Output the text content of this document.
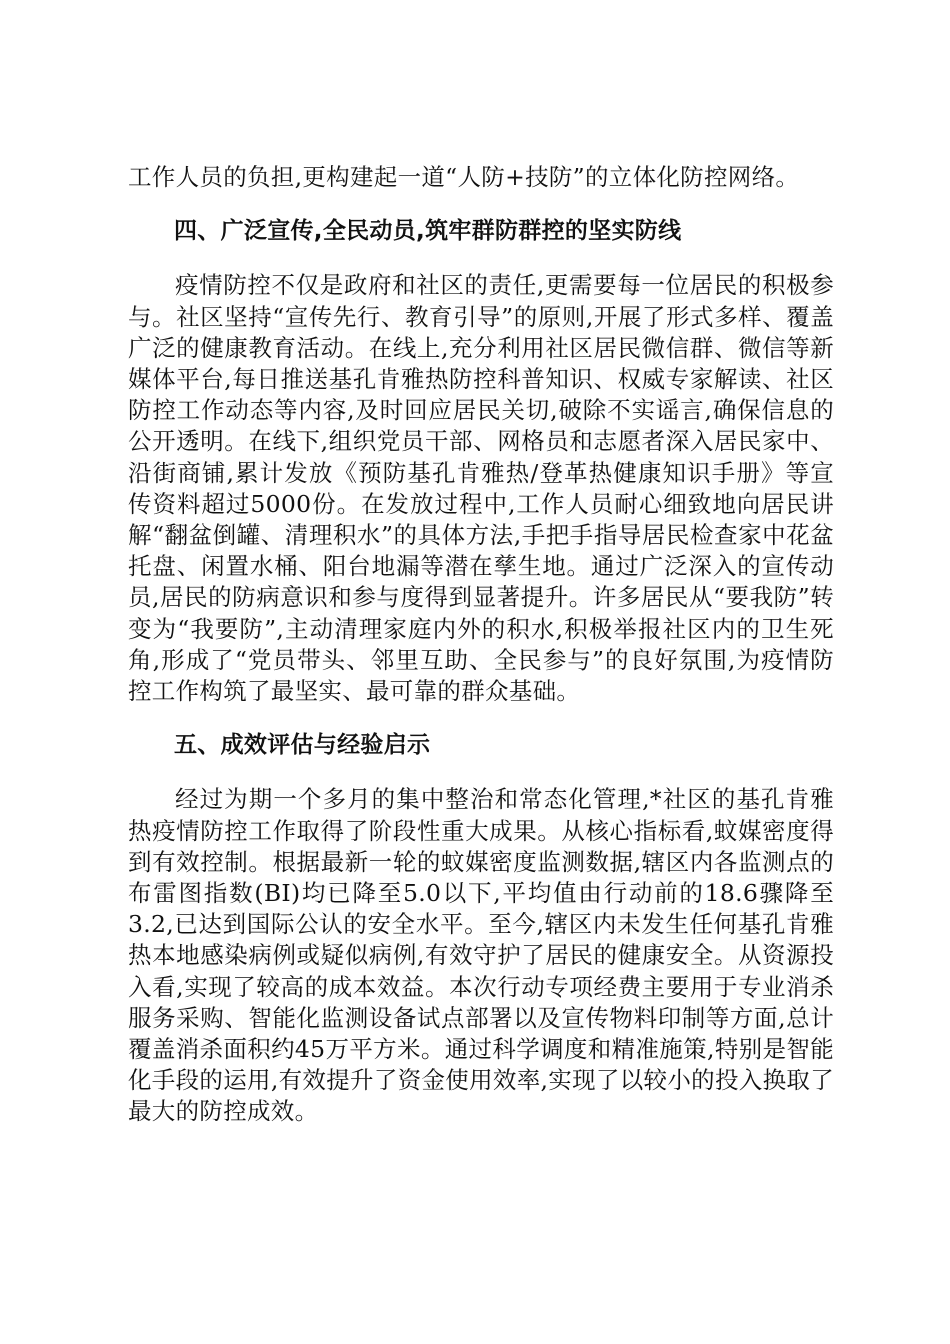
工作人员的负担,更构建起一道“人防+技防”的立体化防控网络。

四、广泛宣传,全民动员,筑牢群防群控的坚实防线

疫情防控不仅是政府和社区的责任,更需要每一位居民的积极参与。社区坚持“宣传先行、教育引导”的原则,开展了形式多样、覆盖广泛的健康教育活动。在线上,充分利用社区居民微信群、微信等新媒体平台,每日推送基孔肯雅热防控科普知识、权威专家解读、社区防控工作动态等内容,及时回应居民关切,破除不实谣言,确保信息的公开透明。在线下,组织党员干部、网格员和志愿者深入居民家中、沿街商铺,累计发放《预防基孔肯雅热/登革热健康知识手册》等宣传资料超过5000份。在发放过程中,工作人员耐心细致地向居民讲解“翻盆倒罐、清理积水”的具体方法,手把手指导居民检查家中花盆托盘、闲置水桶、阳台地漏等潜在孳生地。通过广泛深入的宣传动员,居民的防病意识和参与度得到显著提升。许多居民从“要我防”转变为“我要防”,主动清理家庭内外的积水,积极举报社区内的卫生死角,形成了“党员带头、邻里互助、全民参与”的良好氛围,为疫情防控工作构筑了最坚实、最可靠的群众基础。

五、成效评估与经验启示

经过为期一个多月的集中整治和常态化管理,*社区的基孔肯雅热疫情防控工作取得了阶段性重大成果。从核心指标看,蚊媒密度得到有效控制。根据最新一轮的蚊媒密度监测数据,辖区内各监测点的布雷图指数(BI)均已降至5.0以下,平均值由行动前的18.6骤降至3.2,已达到国际公认的安全水平。至今,辖区内未发生任何基孔肯雅热本地感染病例或疑似病例,有效守护了居民的健康安全。从资源投入看,实现了较高的成本效益。本次行动专项经费主要用于专业消杀服务采购、智能化监测设备试点部署以及宣传物料印制等方面,总计覆盖消杀面积约45万平方米。通过科学调度和精准施策,特别是智能化手段的运用,有效提升了资金使用效率,实现了以较小的投入换取了最大的防控成效。
